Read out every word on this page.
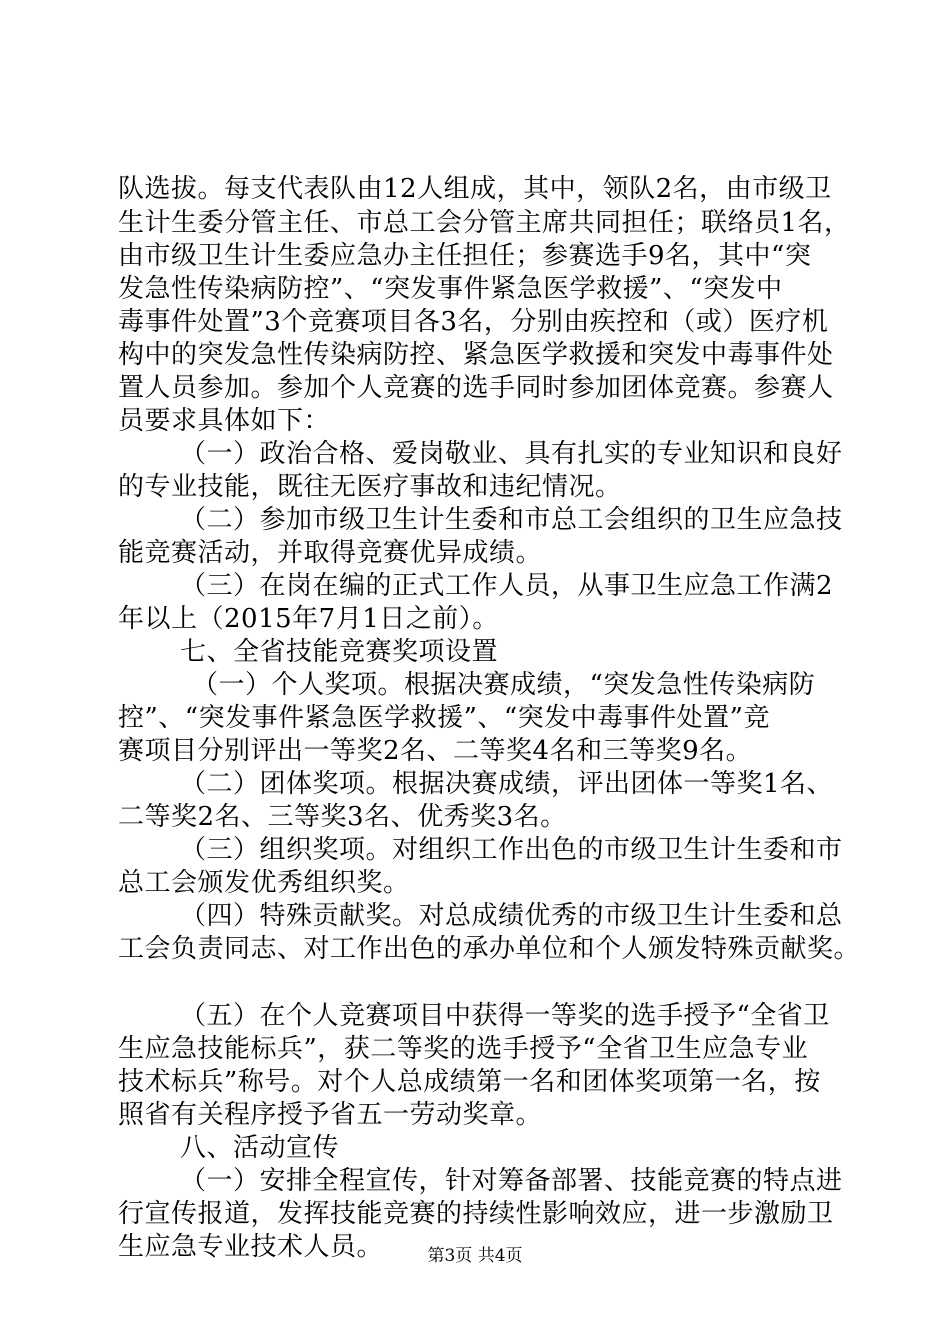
队选拔。每支代表队由12人组成，其中，领队2名，由市级卫
生计生委分管主任、市总工会分管主席共同担任；联络员1名，
由市级卫生计生委应急办主任担任；参赛选手9名，其中“突
发急性传染病防控”、“突发事件紧急医学救援”、“突发中
毒事件处置”3个竞赛项目各3名，分别由疾控和（或）医疗机
构中的突发急性传染病防控、紧急医学救援和突发中毒事件处
置人员参加。参加个人竞赛的选手同时参加团体竞赛。参赛人
员要求具体如下：
（一）政治合格、爱岗敬业、具有扎实的专业知识和良好
的专业技能，既往无医疗事故和违纪情况。
（二）参加市级卫生计生委和市总工会组织的卫生应急技
能竞赛活动，并取得竞赛优异成绩。
（三）在岗在编的正式工作人员，从事卫生应急工作满2
年以上（2015年7月1日之前）。
七、全省技能竞赛奖项设置
（一）个人奖项。根据决赛成绩，“突发急性传染病防
控”、“突发事件紧急医学救援”、“突发中毒事件处置”竞
赛项目分别评出一等奖2名、二等奖4名和三等奖9名。
（二）团体奖项。根据决赛成绩，评出团体一等奖1名、
二等奖2名、三等奖3名、优秀奖3名。
（三）组织奖项。对组织工作出色的市级卫生计生委和市
总工会颁发优秀组织奖。
（四）特殊贡献奖。对总成绩优秀的市级卫生计生委和总
工会负责同志、对工作出色的承办单位和个人颁发特殊贡献奖。
（五）在个人竞赛项目中获得一等奖的选手授予“全省卫
生应急技能标兵”，获二等奖的选手授予“全省卫生应急专业
技术标兵”称号。对个人总成绩第一名和团体奖项第一名，按
照省有关程序授予省五一劳动奖章。
八、活动宣传
（一）安排全程宣传，针对筹备部署、技能竞赛的特点进
行宣传报道，发挥技能竞赛的持续性影响效应，进一步激励卫
生应急专业技术人员。	第3页 共4页
